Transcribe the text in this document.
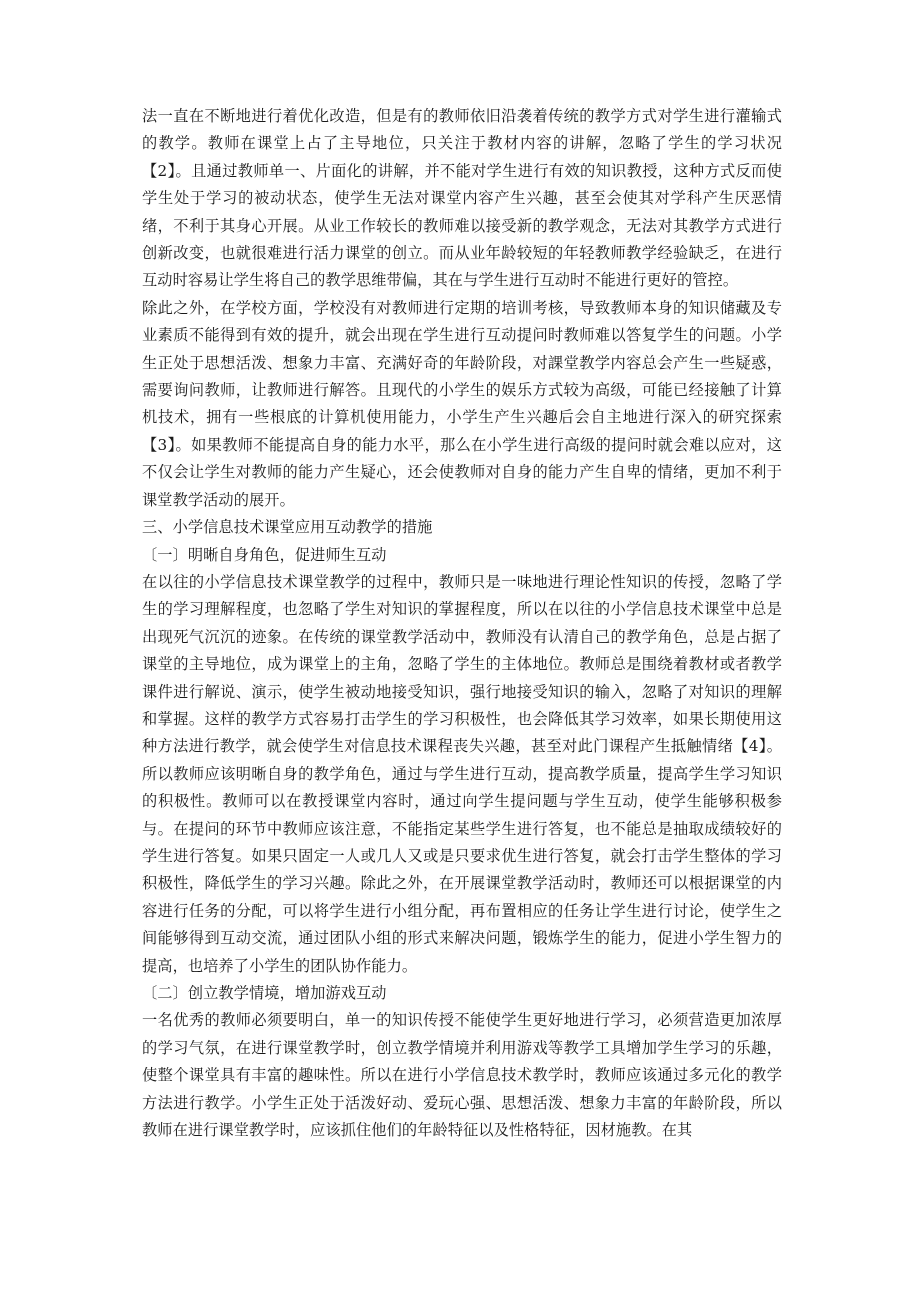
法一直在不断地进行着优化改造，但是有的教师依旧沿袭着传统的教学方式对学生进行灌输式的教学。教师在课堂上占了主导地位，只关注于教材内容的讲解，忽略了学生的学习状况【2】。且通过教师单一、片面化的讲解，并不能对学生进行有效的知识教授，这种方式反而使学生处于学习的被动状态，使学生无法对课堂内容产生兴趣，甚至会使其对学科产生厌恶情绪，不利于其身心开展。从业工作较长的教师难以接受新的教学观念，无法对其教学方式进行创新改变，也就很难进行活力课堂的创立。而从业年龄较短的年轻教师教学经验缺乏，在进行互动时容易让学生将自己的教学思维带偏，其在与学生进行互动时不能进行更好的管控。

除此之外，在学校方面，学校没有对教师进行定期的培训考核，导致教师本身的知识储藏及专业素质不能得到有效的提升，就会出现在学生进行互动提问时教师难以答复学生的问题。小学生正处于思想活泼、想象力丰富、充满好奇的年龄阶段，对課堂教学内容总会产生一些疑惑，需要询问教师，让教师进行解答。且现代的小学生的娱乐方式较为高级，可能已经接触了计算机技术，拥有一些根底的计算机使用能力，小学生产生兴趣后会自主地进行深入的研究探索【3】。如果教师不能提高自身的能力水平，那么在小学生进行高级的提问时就会难以应对，这不仅会让学生对教师的能力产生疑心，还会使教师对自身的能力产生自卑的情绪，更加不利于课堂教学活动的展开。

三、小学信息技术课堂应用互动教学的措施

〔一〕明晰自身角色，促进师生互动

在以往的小学信息技术课堂教学的过程中，教师只是一味地进行理论性知识的传授，忽略了学生的学习理解程度，也忽略了学生对知识的掌握程度，所以在以往的小学信息技术课堂中总是出现死气沉沉的迹象。在传统的课堂教学活动中，教师没有认清自己的教学角色，总是占据了课堂的主导地位，成为课堂上的主角，忽略了学生的主体地位。教师总是围绕着教材或者教学课件进行解说、演示，使学生被动地接受知识，强行地接受知识的输入，忽略了对知识的理解和掌握。这样的教学方式容易打击学生的学习积极性，也会降低其学习效率，如果长期使用这种方法进行教学，就会使学生对信息技术课程丧失兴趣，甚至对此门课程产生抵触情绪【4】。所以教师应该明晰自身的教学角色，通过与学生进行互动，提高教学质量，提高学生学习知识的积极性。教师可以在教授课堂内容时，通过向学生提问题与学生互动，使学生能够积极参与。在提问的环节中教师应该注意，不能指定某些学生进行答复，也不能总是抽取成绩较好的学生进行答复。如果只固定一人或几人又或是只要求优生进行答复，就会打击学生整体的学习积极性，降低学生的学习兴趣。除此之外，在开展课堂教学活动时，教师还可以根据课堂的内容进行任务的分配，可以将学生进行小组分配，再布置相应的任务让学生进行讨论，使学生之间能够得到互动交流，通过团队小组的形式来解决问题，锻炼学生的能力，促进小学生智力的提高，也培养了小学生的团队协作能力。

〔二〕创立教学情境，增加游戏互动

一名优秀的教师必须要明白，单一的知识传授不能使学生更好地进行学习，必须营造更加浓厚的学习气氛，在进行课堂教学时，创立教学情境并利用游戏等教学工具增加学生学习的乐趣，使整个课堂具有丰富的趣味性。所以在进行小学信息技术教学时，教师应该通过多元化的教学方法进行教学。小学生正处于活泼好动、爱玩心强、思想活泼、想象力丰富的年龄阶段，所以教师在进行课堂教学时，应该抓住他们的年龄特征以及性格特征，因材施教。在其
